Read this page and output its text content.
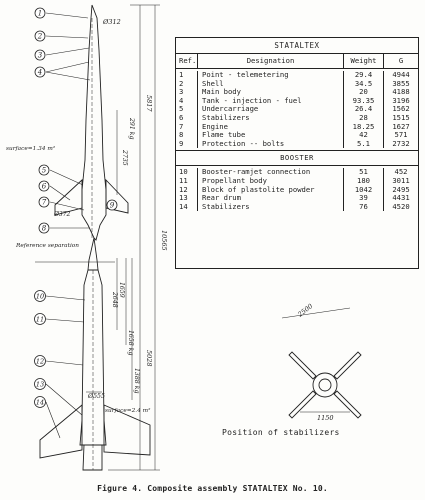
1
2
3
4
5
6
7
8
9
10
11
12
13
14
Ø312
surface=1.34 m²
Ø372
Reference separation
5817
10565
5028
2735
291 kg
2648
1659
1658 kg
1388 kg
Ø555
surface=2.4 m²
2500
1150
STATALTEX
Ref.	Designation	Weight	G
1	Point - telemetering	29.4	4944
2	Shell	34.5	3855
3	Main body	20	4188
4	Tank - injection - fuel	93.35	3196
5	Undercarriage	26.4	1562
6	Stabilizers	28	1515
7	Engine	18.25	1627
8	Flame tube	42	571
9	Protection -- bolts	5.1	2732
BOOSTER
10	Booster-ramjet connection	51	452
11	Propellant body	180	3011
12	Block of plastolite powder	1042	2495
13	Rear drum	39	4431
14	Stabilizers	76	4520
Position of stabilizers
Figure 4. Composite assembly STATALTEX No. 10.
